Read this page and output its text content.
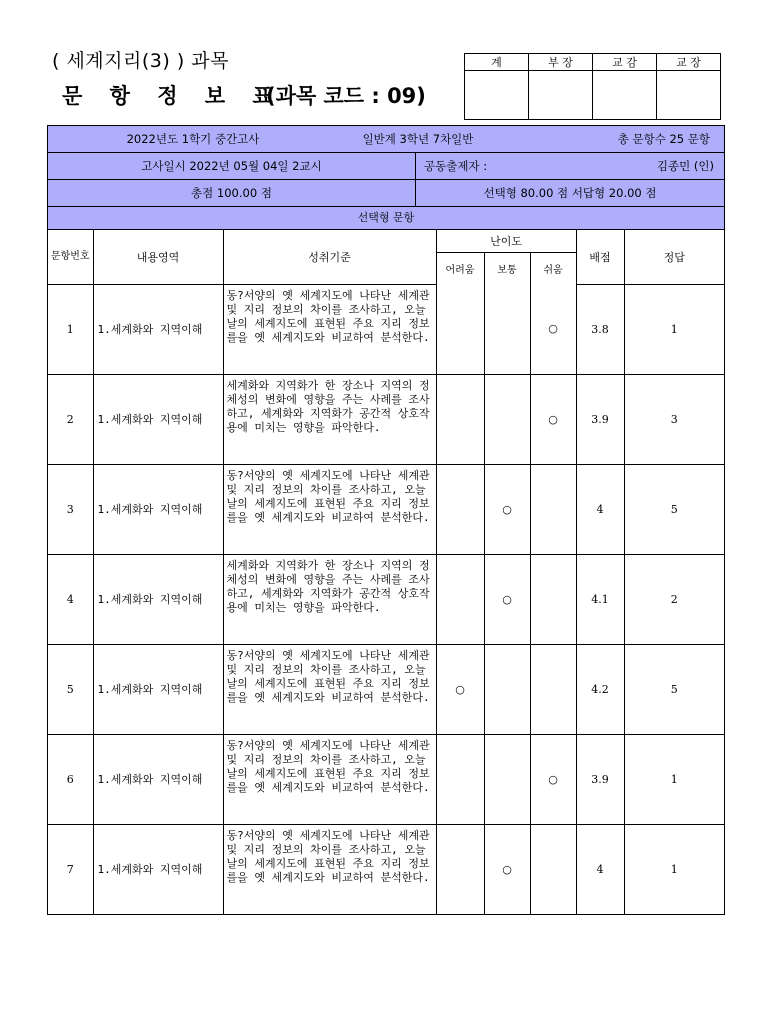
( 세계지리(3) ) 과목
문 항 정 보 표
(과목 코드 : 09)
계	부 장	교 감	교 장

2022년도 1학기 중간고사	일반계 3학년 7차일반	총 문항수 25 문항
고사일시 2022년 05월 04일 2교시	공동출제자 :	김종민 (인)
총점 100.00 점	선택형 80.00 점 서답형 20.00 점
선택형 문항
문항번호	내용영역	성취기준	난이도			배점	정답
			어려움	보통	쉬움		
1	1.세계화와 지역이해	동?서양의 옛 세계지도에 나타난 세계관 및 지리 정보의 차이를 조사하고, 오늘날의 세계지도에 표현된 주요 지리 정보를을 옛 세계지도와 비교하여 분석한다.			○	3.8	1
2	1.세계화와 지역이해	세계화와 지역화가 한 장소나 지역의 정체성의 변화에 영향을 주는 사례를 조사하고, 세계화와 지역화가 공간적 상호작용에 미치는 영향을 파악한다.			○	3.9	3
3	1.세계화와 지역이해	동?서양의 옛 세계지도에 나타난 세계관 및 지리 정보의 차이를 조사하고, 오늘날의 세계지도에 표현된 주요 지리 정보를을 옛 세계지도와 비교하여 분석한다.		○		4	5
4	1.세계화와 지역이해	세계화와 지역화가 한 장소나 지역의 정체성의 변화에 영향을 주는 사례를 조사하고, 세계화와 지역화가 공간적 상호작용에 미치는 영향을 파악한다.		○		4.1	2
5	1.세계화와 지역이해	동?서양의 옛 세계지도에 나타난 세계관 및 지리 정보의 차이를 조사하고, 오늘날의 세계지도에 표현된 주요 지리 정보를을 옛 세계지도와 비교하여 분석한다.	○			4.2	5
6	1.세계화와 지역이해	동?서양의 옛 세계지도에 나타난 세계관 및 지리 정보의 차이를 조사하고, 오늘날의 세계지도에 표현된 주요 지리 정보를을 옛 세계지도와 비교하여 분석한다.			○	3.9	1
7	1.세계화와 지역이해	동?서양의 옛 세계지도에 나타난 세계관 및 지리 정보의 차이를 조사하고, 오늘날의 세계지도에 표현된 주요 지리 정보를을 옛 세계지도와 비교하여 분석한다.		○		4	1
